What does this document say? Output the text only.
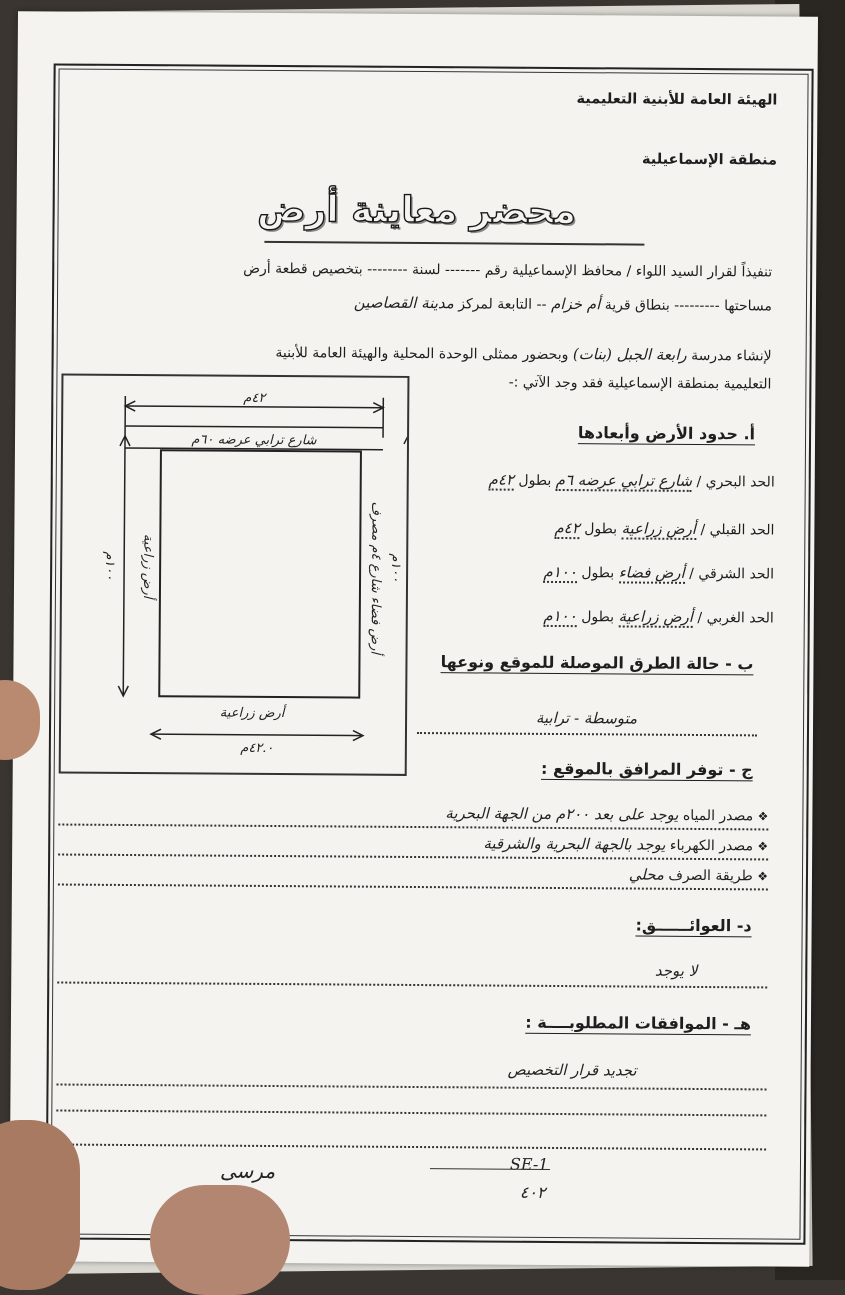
الهيئة العامة للأبنية التعليمية
منطقة الإسماعيلية
محضر معاينة أرض
تنفيذاً لقرار السيد اللواء / محافظ الإسماعيلية رقم ------- لسنة -------- بتخصيص قطعة أرض
مساحتها --------- بنطاق قرية أم خزام -- التابعة لمركز مدينة القصاصين
لإنشاء مدرسة رابعة الجبل (بنات) وبحضور ممثلى الوحدة المحلية والهيئة العامة للأبنية
التعليمية بمنطقة الإسماعيلية فقد وجد الآتي :-
٤٢م
شارع ترابي عرضه ٦٠م
أرض زراعية
٤٢.٠م
١٠٠م أرض زراعية
أرض فضاء شارع ٤م مصرف
١٠٠م
أ. حدود الأرض وأبعادها
الحد البحري / شارع ترابي عرضه ٦م بطول ٤٢م
الحد القبلي / أرض زراعية بطول ٤٢م
الحد الشرقي / أرض فضاء بطول ١٠٠م
الحد الغربي / أرض زراعية بطول ١٠٠م
ب - حالة الطرق الموصلة للموقع ونوعها
متوسطة - ترابية
ج - توفر المرافق بالموقع :
❖ مصدر المياه يوجد على بعد ٢٠٠م من الجهة البحرية
❖ مصدر الكهرباء يوجد بالجهة البحرية والشرقية
❖ طريقة الصرف محلي
د- العوائــــــق:
لا يوجد
هـ - الموافقات المطلوبــــة :
تجديد قرار التخصيص
مرسى	SE-1
٤٠٢
